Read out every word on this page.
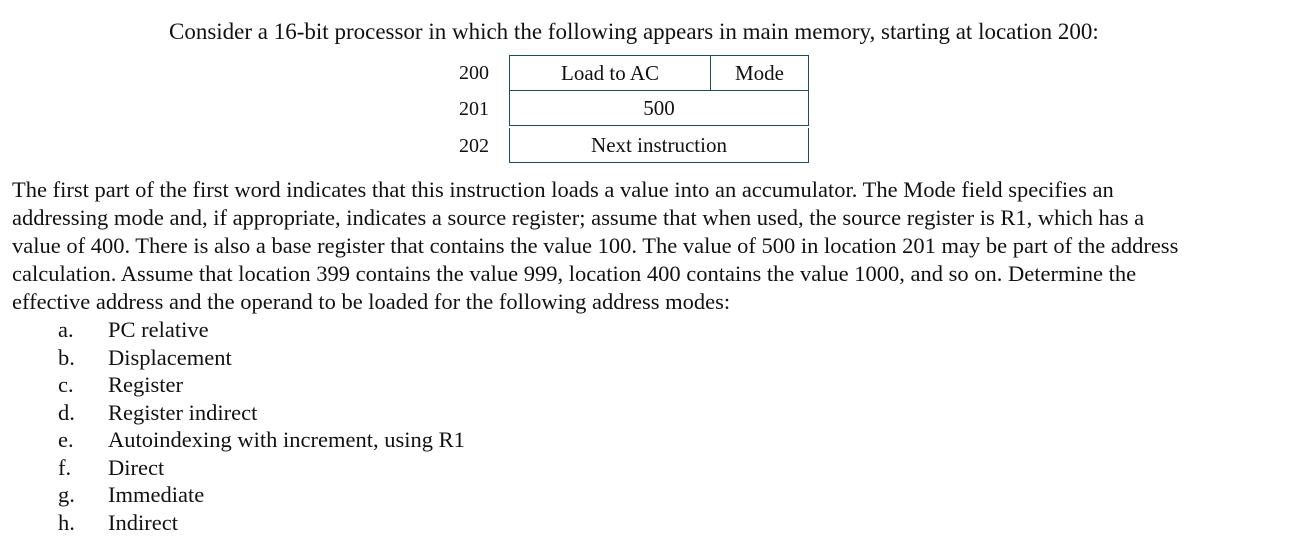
Consider a 16-bit processor in which the following appears in main memory, starting at location 200:
200	Load to AC	Mode
201	500
202	Next instruction
The first part of the first word indicates that this instruction loads a value into an accumulator. The Mode field specifies an
addressing mode and, if appropriate, indicates a source register; assume that when used, the source register is R1, which has a
value of 400. There is also a base register that contains the value 100. The value of 500 in location 201 may be part of the address
calculation. Assume that location 399 contains the value 999, location 400 contains the value 1000, and so on. Determine the
effective address and the operand to be loaded for the following address modes:
a. PC relative
b. Displacement
c. Register
d. Register indirect
e. Autoindexing with increment, using R1
f. Direct
g. Immediate
h. Indirect
